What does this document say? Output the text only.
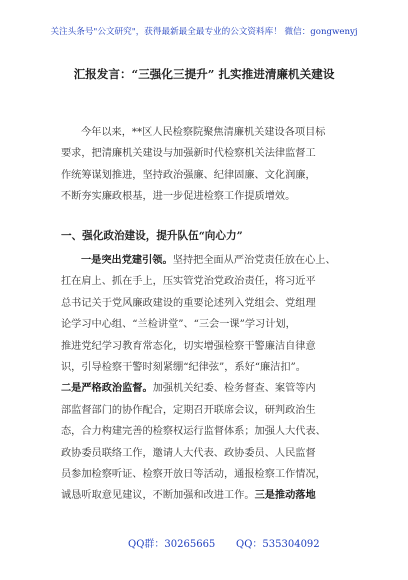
关注头条号"公文研究"，获得最新最全最专业的公文资料库！ 微信：gongwenyj
汇报发言：“三强化三提升” 扎实推进清廉机关建设
今年以来，**区人民检察院聚焦清廉机关建设各项目标
要求，把清廉机关建设与加强新时代检察机关法律监督工
作统筹谋划推进，坚持政治强廉、纪律固廉、文化润廉，
不断夯实廉政根基，进一步促进检察工作提质增效。
一、强化政治建设，提升队伍“向心力”
一是突出党建引领。坚持把全面从严治党责任放在心上、
扛在肩上、抓在手上，压实管党治党政治责任，将习近平
总书记关于党风廉政建设的重要论述列入党组会、党组理
论学习中心组、“兰检讲堂”、“三会一课”学习计划，
推进党纪学习教育常态化，切实增强检察干警廉洁自律意
识，引导检察干警时刻紧绷“纪律弦”，系好“廉洁扣”。
二是严格政治监督。加强机关纪委、检务督查、案管等内
部监督部门的协作配合，定期召开联席会议，研判政治生
态，合力构建完善的检察权运行监督体系；加强人大代表、
政协委员联络工作，邀请人大代表、政协委员、人民监督
员参加检察听证、检察开放日等活动，通报检察工作情况，
诚恳听取意见建议，不断加强和改进工作。三是推动落地
QQ群：30265665 QQ：535304092
